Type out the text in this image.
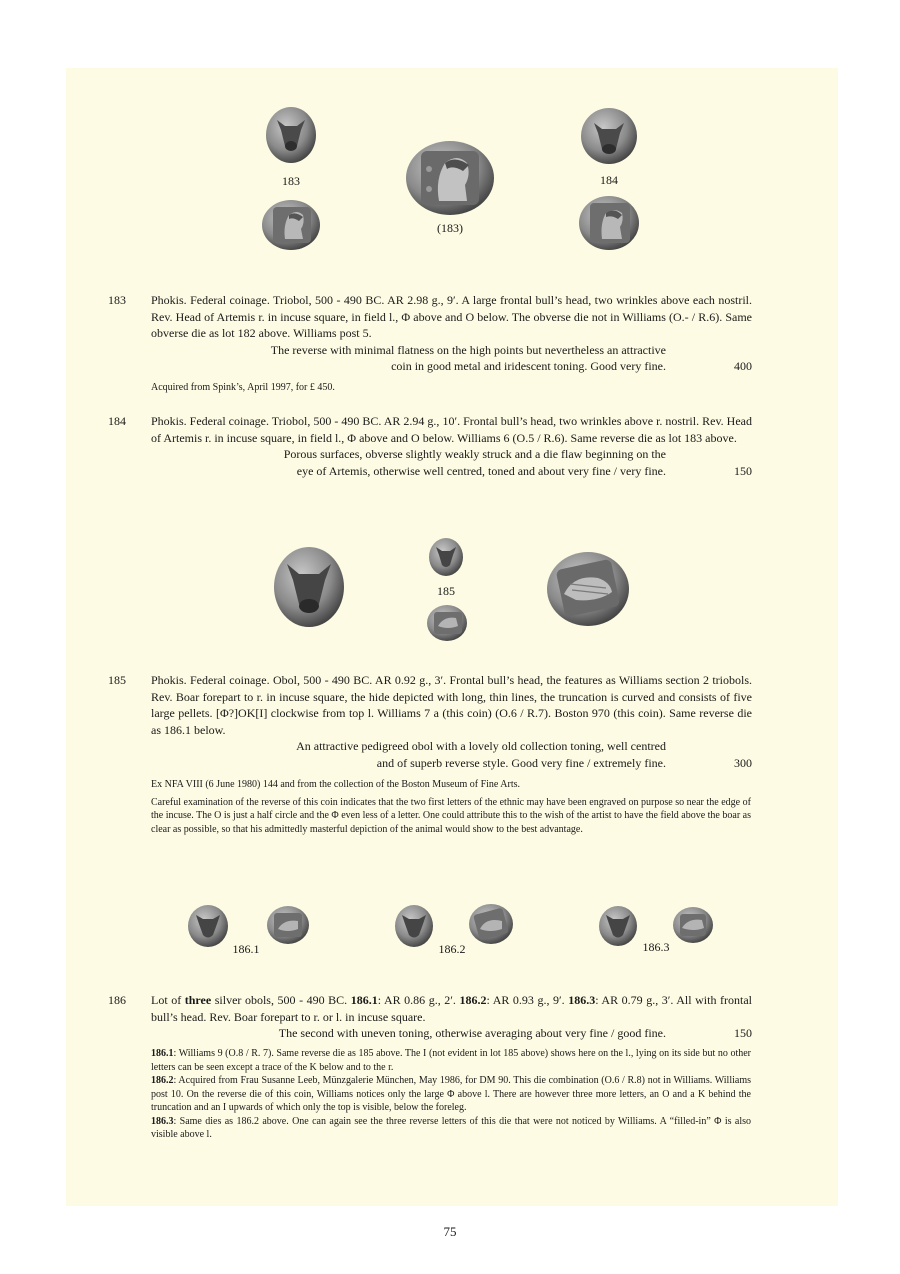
183
(183)
184
183	Phokis. Federal coinage. Triobol, 500 - 490 BC. AR 2.98 g., 9′. A large frontal bull’s head, two wrinkles above each nostril. Rev. Head of Artemis r. in incuse square, in field l., Φ above and O below. The obverse die not in Williams (O.- / R.6). Same obverse die as lot 182 above. Williams post 5.
The reverse with minimal flatness on the high points but nevertheless an attractive
coin in good metal and iridescent toning. Good very fine.	400
Acquired from Spink’s, April 1997, for £ 450.
184	Phokis. Federal coinage. Triobol, 500 - 490 BC. AR 2.94 g., 10′. Frontal bull’s head, two wrinkles above r. nostril. Rev. Head of Artemis r. in incuse square, in field l., Φ above and O below. Williams 6 (O.5 / R.6). Same reverse die as lot 183 above.
Porous surfaces, obverse slightly weakly struck and a die flaw beginning on the
eye of Artemis, otherwise well centred, toned and about very fine / very fine.	150
185
185	Phokis. Federal coinage. Obol, 500 - 490 BC. AR 0.92 g., 3′. Frontal bull’s head, the features as Williams section 2 triobols. Rev. Boar forepart to r. in incuse square, the hide depicted with long, thin lines, the truncation is curved and consists of five large pellets. [Φ?]OK[I] clockwise from top l. Williams 7 a (this coin) (O.6 / R.7). Boston 970 (this coin). Same reverse die as 186.1 below.
An attractive pedigreed obol with a lovely old collection toning, well centred
and of superb reverse style. Good very fine / extremely fine.	300

Ex NFA VIII (6 June 1980) 144 and from the collection of the Boston Museum of Fine Arts.

Careful examination of the reverse of this coin indicates that the two first letters of the ethnic may have been engraved on purpose so near the edge of the incuse. The O is just a half circle and the Φ even less of a letter. One could attribute this to the wish of the artist to have the field above the boar as clear as possible, so that his admittedly masterful depiction of the animal would show to the best advantage.

186.1	186.2	186.3
186	Lot of three silver obols, 500 - 490 BC. 186.1: AR 0.86 g., 2′. 186.2: AR 0.93 g., 9′. 186.3: AR 0.79 g., 3′. All with frontal bull’s head. Rev. Boar forepart to r. or l. in incuse square.
The second with uneven toning, otherwise averaging about very fine / good fine.	150
186.1: Williams 9 (O.8 / R. 7). Same reverse die as 185 above. The I (not evident in lot 185 above) shows here on the l., lying on its side but no other letters can be seen except a trace of the K below and to the r.
186.2: Acquired from Frau Susanne Leeb, Münzgalerie München, May 1986, for DM 90. This die combination (O.6 / R.8) not in Williams. Williams post 10. On the reverse die of this coin, Williams notices only the large Φ above l. There are however three more letters, an O and a K behind the truncation and an I upwards of which only the top is visible, below the foreleg.
186.3: Same dies as 186.2 above. One can again see the three reverse letters of this die that were not noticed by Williams. A “filled-in” Φ is also visible above l.
75
